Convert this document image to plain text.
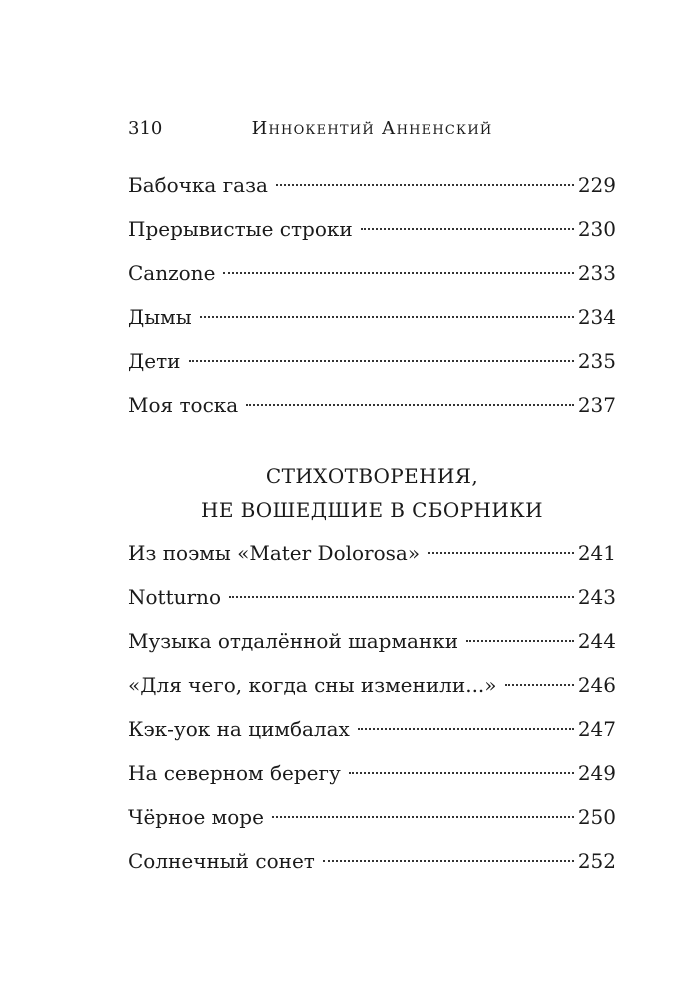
310	Иннокентий Анненский
Бабочка газа	229
Прерывистые строки	230
Canzone	233
Дымы	234
Дети	235
Моя тоска	237
СТИХОТВОРЕНИЯ,
НЕ ВОШЕДШИЕ В СБОРНИКИ
Из поэмы «Mater Dolorosa»	241
Notturno	243
Музыка отдалённой шарманки	244
«Для чего, когда сны изменили...»	246
Кэк-уок на цимбалах	247
На северном берегу	249
Чёрное море	250
Солнечный сонет	252
